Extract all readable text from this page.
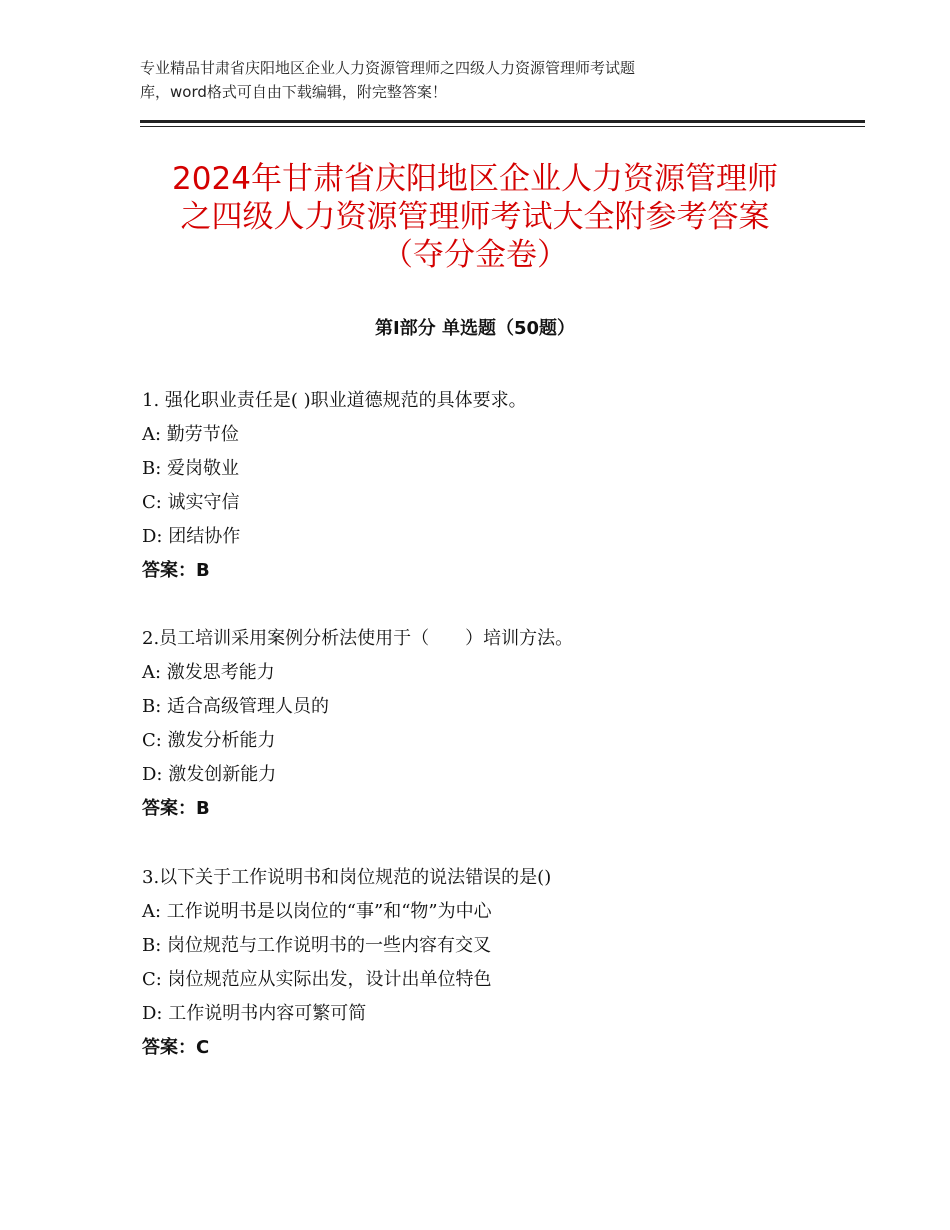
专业精品甘肃省庆阳地区企业人力资源管理师之四级人力资源管理师考试题
库，word格式可自由下载编辑，附完整答案！
2024年甘肃省庆阳地区企业人力资源管理师
之四级人力资源管理师考试大全附参考答案
（夺分金卷）
第Ⅰ部分 单选题（50题）
1. 强化职业责任是( )职业道德规范的具体要求。
A: 勤劳节俭
B: 爱岗敬业
C: 诚实守信
D: 团结协作
答案：B
2.员工培训采用案例分析法使用于（　　）培训方法。
A: 激发思考能力
B: 适合高级管理人员的
C: 激发分析能力
D: 激发创新能力
答案：B
3.以下关于工作说明书和岗位规范的说法错误的是()
A: 工作说明书是以岗位的“事”和“物”为中心
B: 岗位规范与工作说明书的一些内容有交叉
C: 岗位规范应从实际出发，设计出单位特色
D: 工作说明书内容可繁可简
答案：C
